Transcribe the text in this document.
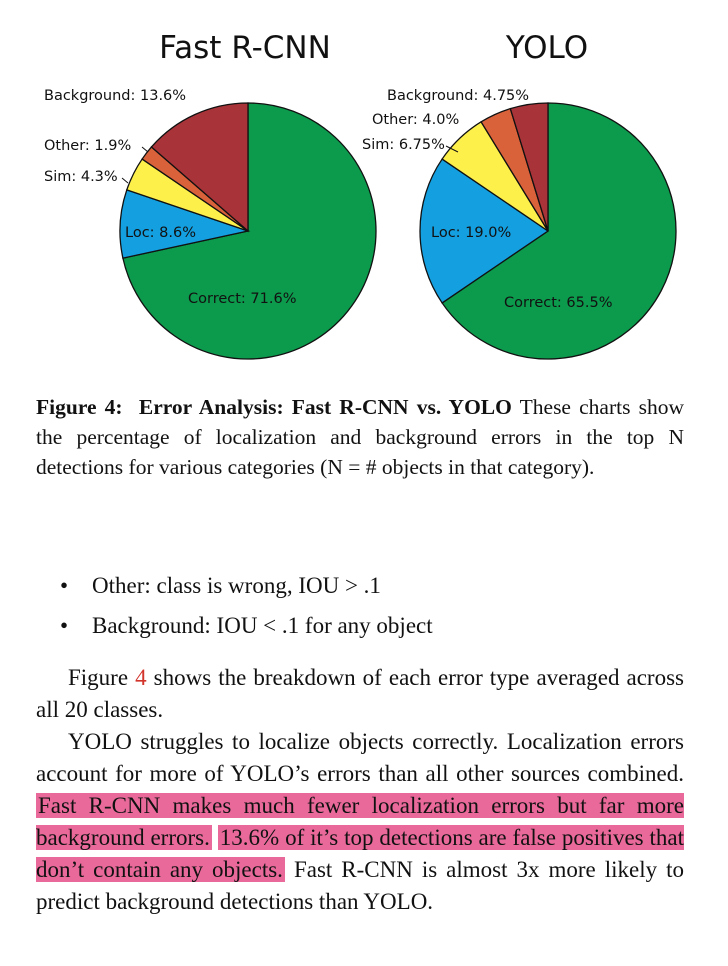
Fast R-CNN	YOLO
Correct: 71.6%
Loc: 8.6%
Sim: 4.3%
Other: 1.9%
Background: 13.6%
Correct: 65.5%
Loc: 19.0%
Sim: 6.75%
Other: 4.0%
Background: 4.75%
Figure 4: Error Analysis: Fast R-CNN vs. YOLO These charts show the percentage of localization and background errors in the top N detections for various categories (N = # objects in that category).
• Other: class is wrong, IOU > .1
• Background: IOU < .1 for any object

Figure 4 shows the breakdown of each error type averaged across all 20 classes.

YOLO struggles to localize objects correctly. Localization errors account for more of YOLO’s errors than all other sources combined. Fast R-CNN makes much fewer localization errors but far more background errors. 13.6% of it’s top detections are false positives that don’t contain any objects. Fast R-CNN is almost 3x more likely to predict background detections than YOLO.
